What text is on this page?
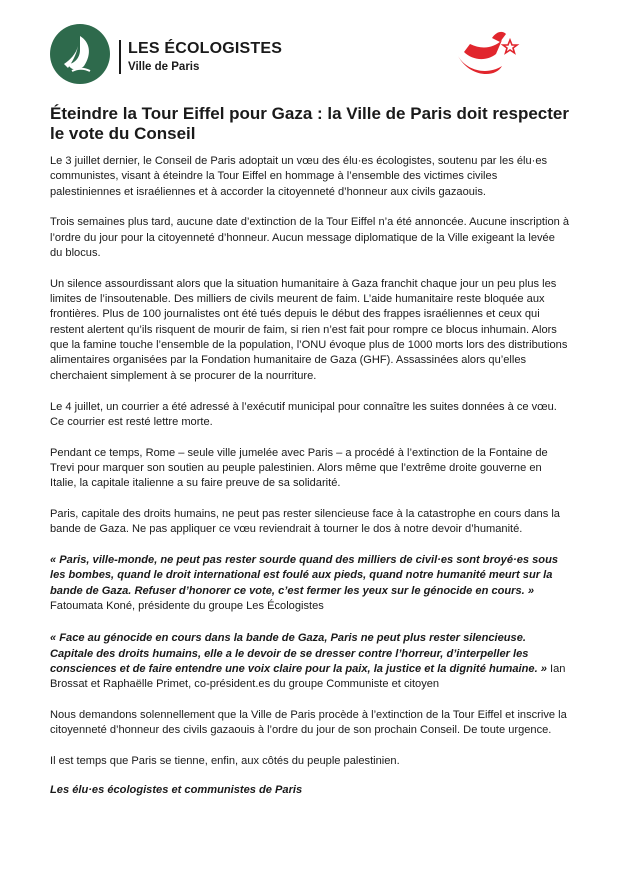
LES ÉCOLOGISTES
Ville de Paris
Éteindre la Tour Eiffel pour Gaza : la Ville de Paris doit respecter le vote du Conseil

Le 3 juillet dernier, le Conseil de Paris adoptait un vœu des élu·es écologistes, soutenu par les élu·es communistes, visant à éteindre la Tour Eiffel en hommage à l’ensemble des victimes civiles palestiniennes et israéliennes et à accorder la citoyenneté d’honneur aux civils gazaouis.

Trois semaines plus tard, aucune date d’extinction de la Tour Eiffel n’a été annoncée. Aucune inscription à l’ordre du jour pour la citoyenneté d’honneur. Aucun message diplomatique de la Ville exigeant la levée du blocus.

Un silence assourdissant alors que la situation humanitaire à Gaza franchit chaque jour un peu plus les limites de l’insoutenable. Des milliers de civils meurent de faim. L’aide humanitaire reste bloquée aux frontières. Plus de 100 journalistes ont été tués depuis le début des frappes israéliennes et ceux qui restent alertent qu’ils risquent de mourir de faim, si rien n’est fait pour rompre ce blocus inhumain. Alors que la famine touche l’ensemble de la population, l’ONU évoque plus de 1000 morts lors des distributions alimentaires organisées par la Fondation humanitaire de Gaza (GHF). Assassinées alors qu’elles cherchaient simplement à se procurer de la nourriture.

Le 4 juillet, un courrier a été adressé à l’exécutif municipal pour connaître les suites données à ce vœu. Ce courrier est resté lettre morte.

Pendant ce temps, Rome – seule ville jumelée avec Paris – a procédé à l’extinction de la Fontaine de Trevi pour marquer son soutien au peuple palestinien. Alors même que l’extrême droite gouverne en Italie, la capitale italienne a su faire preuve de sa solidarité.

Paris, capitale des droits humains, ne peut pas rester silencieuse face à la catastrophe en cours dans la bande de Gaza. Ne pas appliquer ce vœu reviendrait à tourner le dos à notre devoir d’humanité.

« Paris, ville-monde, ne peut pas rester sourde quand des milliers de civil·es sont broyé·es sous les bombes, quand le droit international est foulé aux pieds, quand notre humanité meurt sur la bande de Gaza. Refuser d’honorer ce vote, c’est fermer les yeux sur le génocide en cours. » Fatoumata Koné, présidente du groupe Les Écologistes

« Face au génocide en cours dans la bande de Gaza, Paris ne peut plus rester silencieuse. Capitale des droits humains, elle a le devoir de se dresser contre l’horreur, d’interpeller les consciences et de faire entendre une voix claire pour la paix, la justice et la dignité humaine. » Ian Brossat et Raphaëlle Primet, co-président.es du groupe Communiste et citoyen

Nous demandons solennellement que la Ville de Paris procède à l’extinction de la Tour Eiffel et inscrive la citoyenneté d’honneur des civils gazaouis à l’ordre du jour de son prochain Conseil. De toute urgence.

Il est temps que Paris se tienne, enfin, aux côtés du peuple palestinien.

Les élu·es écologistes et communistes de Paris
